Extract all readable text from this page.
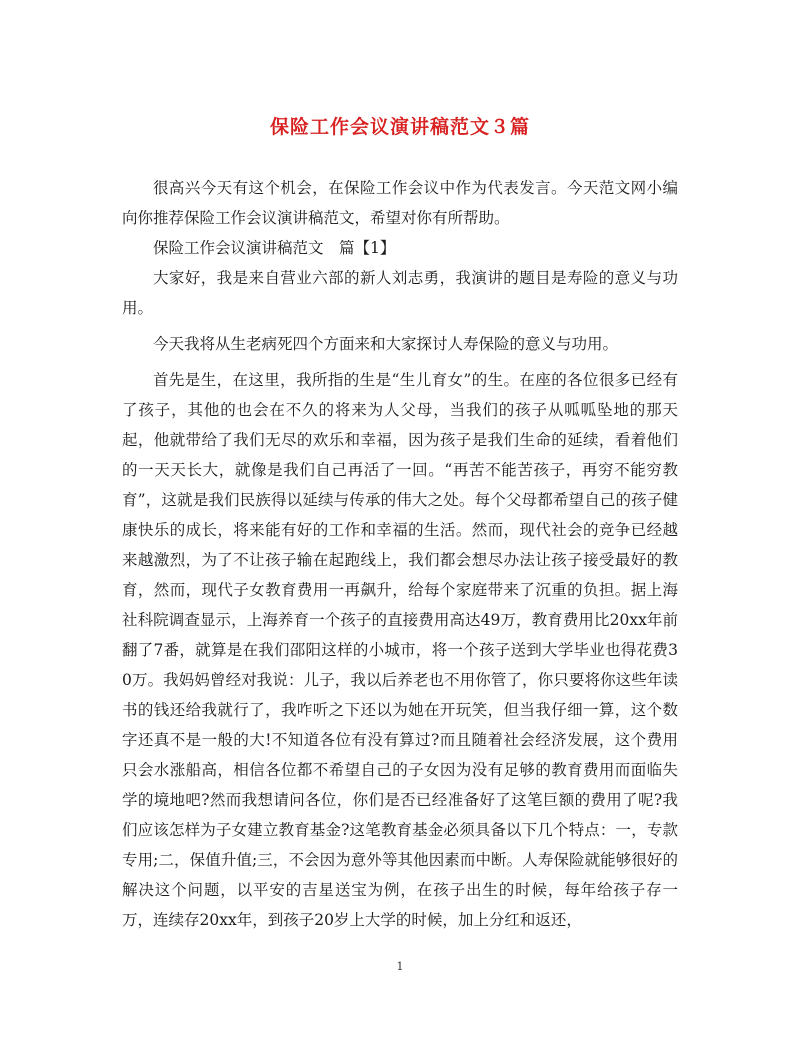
保险工作会议演讲稿范文３篇

很高兴今天有这个机会，在保险工作会议中作为代表发言。今天范文网小编向你推荐保险工作会议演讲稿范文，希望对你有所帮助。

保险工作会议演讲稿范文　篇【1】

大家好，我是来自营业六部的新人刘志勇，我演讲的题目是寿险的意义与功用。

今天我将从生老病死四个方面来和大家探讨人寿保险的意义与功用。

首先是生，在这里，我所指的生是“生儿育女”的生。在座的各位很多已经有了孩子，其他的也会在不久的将来为人父母，当我们的孩子从呱呱坠地的那天起，他就带给了我们无尽的欢乐和幸福，因为孩子是我们生命的延续，看着他们的一天天长大，就像是我们自己再活了一回。“再苦不能苦孩子，再穷不能穷教育”，这就是我们民族得以延续与传承的伟大之处。每个父母都希望自己的孩子健康快乐的成长，将来能有好的工作和幸福的生活。然而，现代社会的竞争已经越来越激烈，为了不让孩子输在起跑线上，我们都会想尽办法让孩子接受最好的教育，然而，现代子女教育费用一再飙升，给每个家庭带来了沉重的负担。据上海社科院调查显示，上海养育一个孩子的直接费用高达49万，教育费用比20xx年前翻了7番，就算是在我们邵阳这样的小城市，将一个孩子送到大学毕业也得花费30万。我妈妈曾经对我说：儿子，我以后养老也不用你管了，你只要将你这些年读书的钱还给我就行了，我咋听之下还以为她在开玩笑，但当我仔细一算，这个数字还真不是一般的大!不知道各位有没有算过?而且随着社会经济发展，这个费用只会水涨船高，相信各位都不希望自己的子女因为没有足够的教育费用而面临失学的境地吧?然而我想请问各位，你们是否已经准备好了这笔巨额的费用了呢?我们应该怎样为子女建立教育基金?这笔教育基金必须具备以下几个特点：一，专款专用;二，保值升值;三，不会因为意外等其他因素而中断。人寿保险就能够很好的解决这个问题，以平安的吉星送宝为例，在孩子出生的时候，每年给孩子存一万，连续存20xx年，到孩子20岁上大学的时候，加上分红和返还，

1
